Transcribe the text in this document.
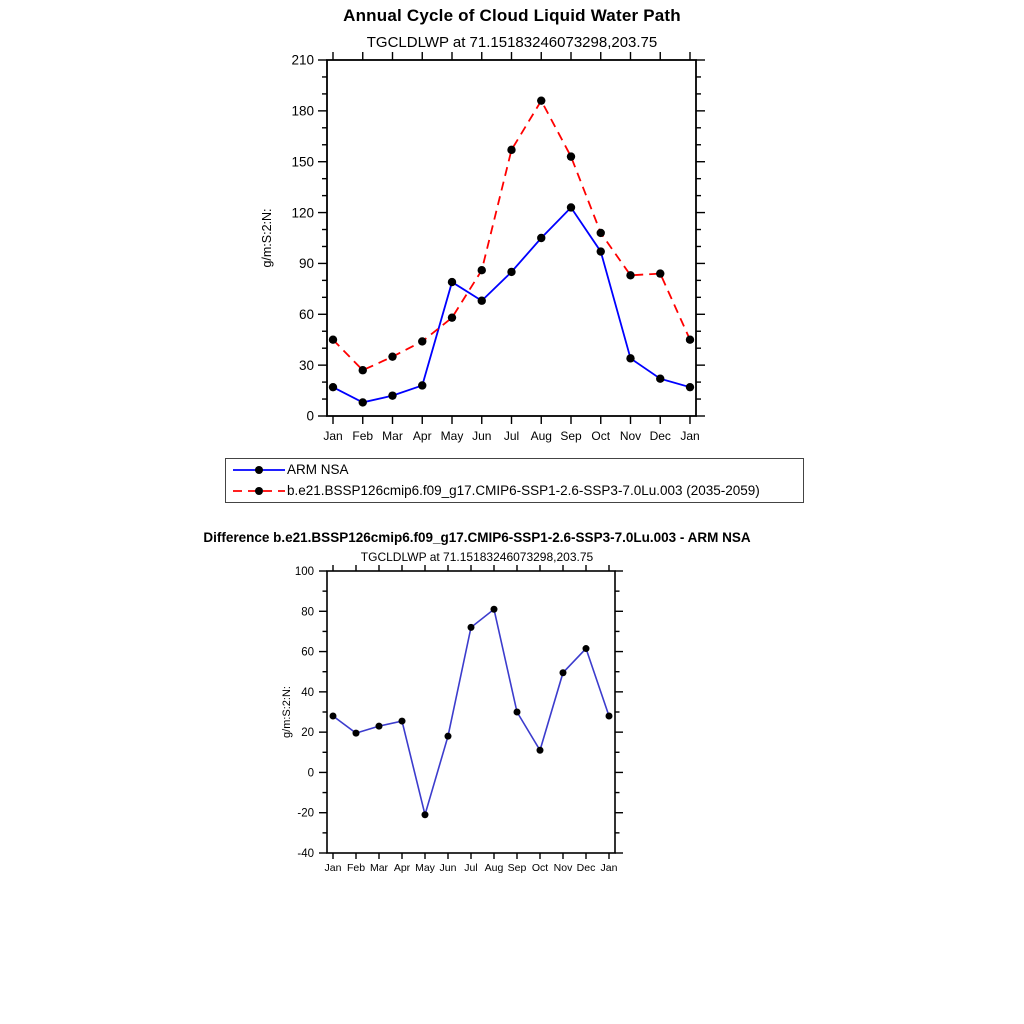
Annual Cycle of Cloud Liquid Water Path
TGCLDLWP at 71.15183246073298,203.75
0
30
60
90
120
150
180
210
Jan Feb Mar Apr May Jun Jul Aug Sep Oct Nov Dec Jan
g/m:S:2:N:
ARM NSA
b.e21.BSSP126cmip6.f09_g17.CMIP6-SSP1-2.6-SSP3-7.0Lu.003 (2035-2059)
Difference b.e21.BSSP126cmip6.f09_g17.CMIP6-SSP1-2.6-SSP3-7.0Lu.003 - ARM NSA
TGCLDLWP at 71.15183246073298,203.75
-40
-20
0
20
40
60
80
100
Jan Feb Mar Apr May Jun Jul Aug Sep Oct Nov Dec Jan
g/m:S:2:N:
